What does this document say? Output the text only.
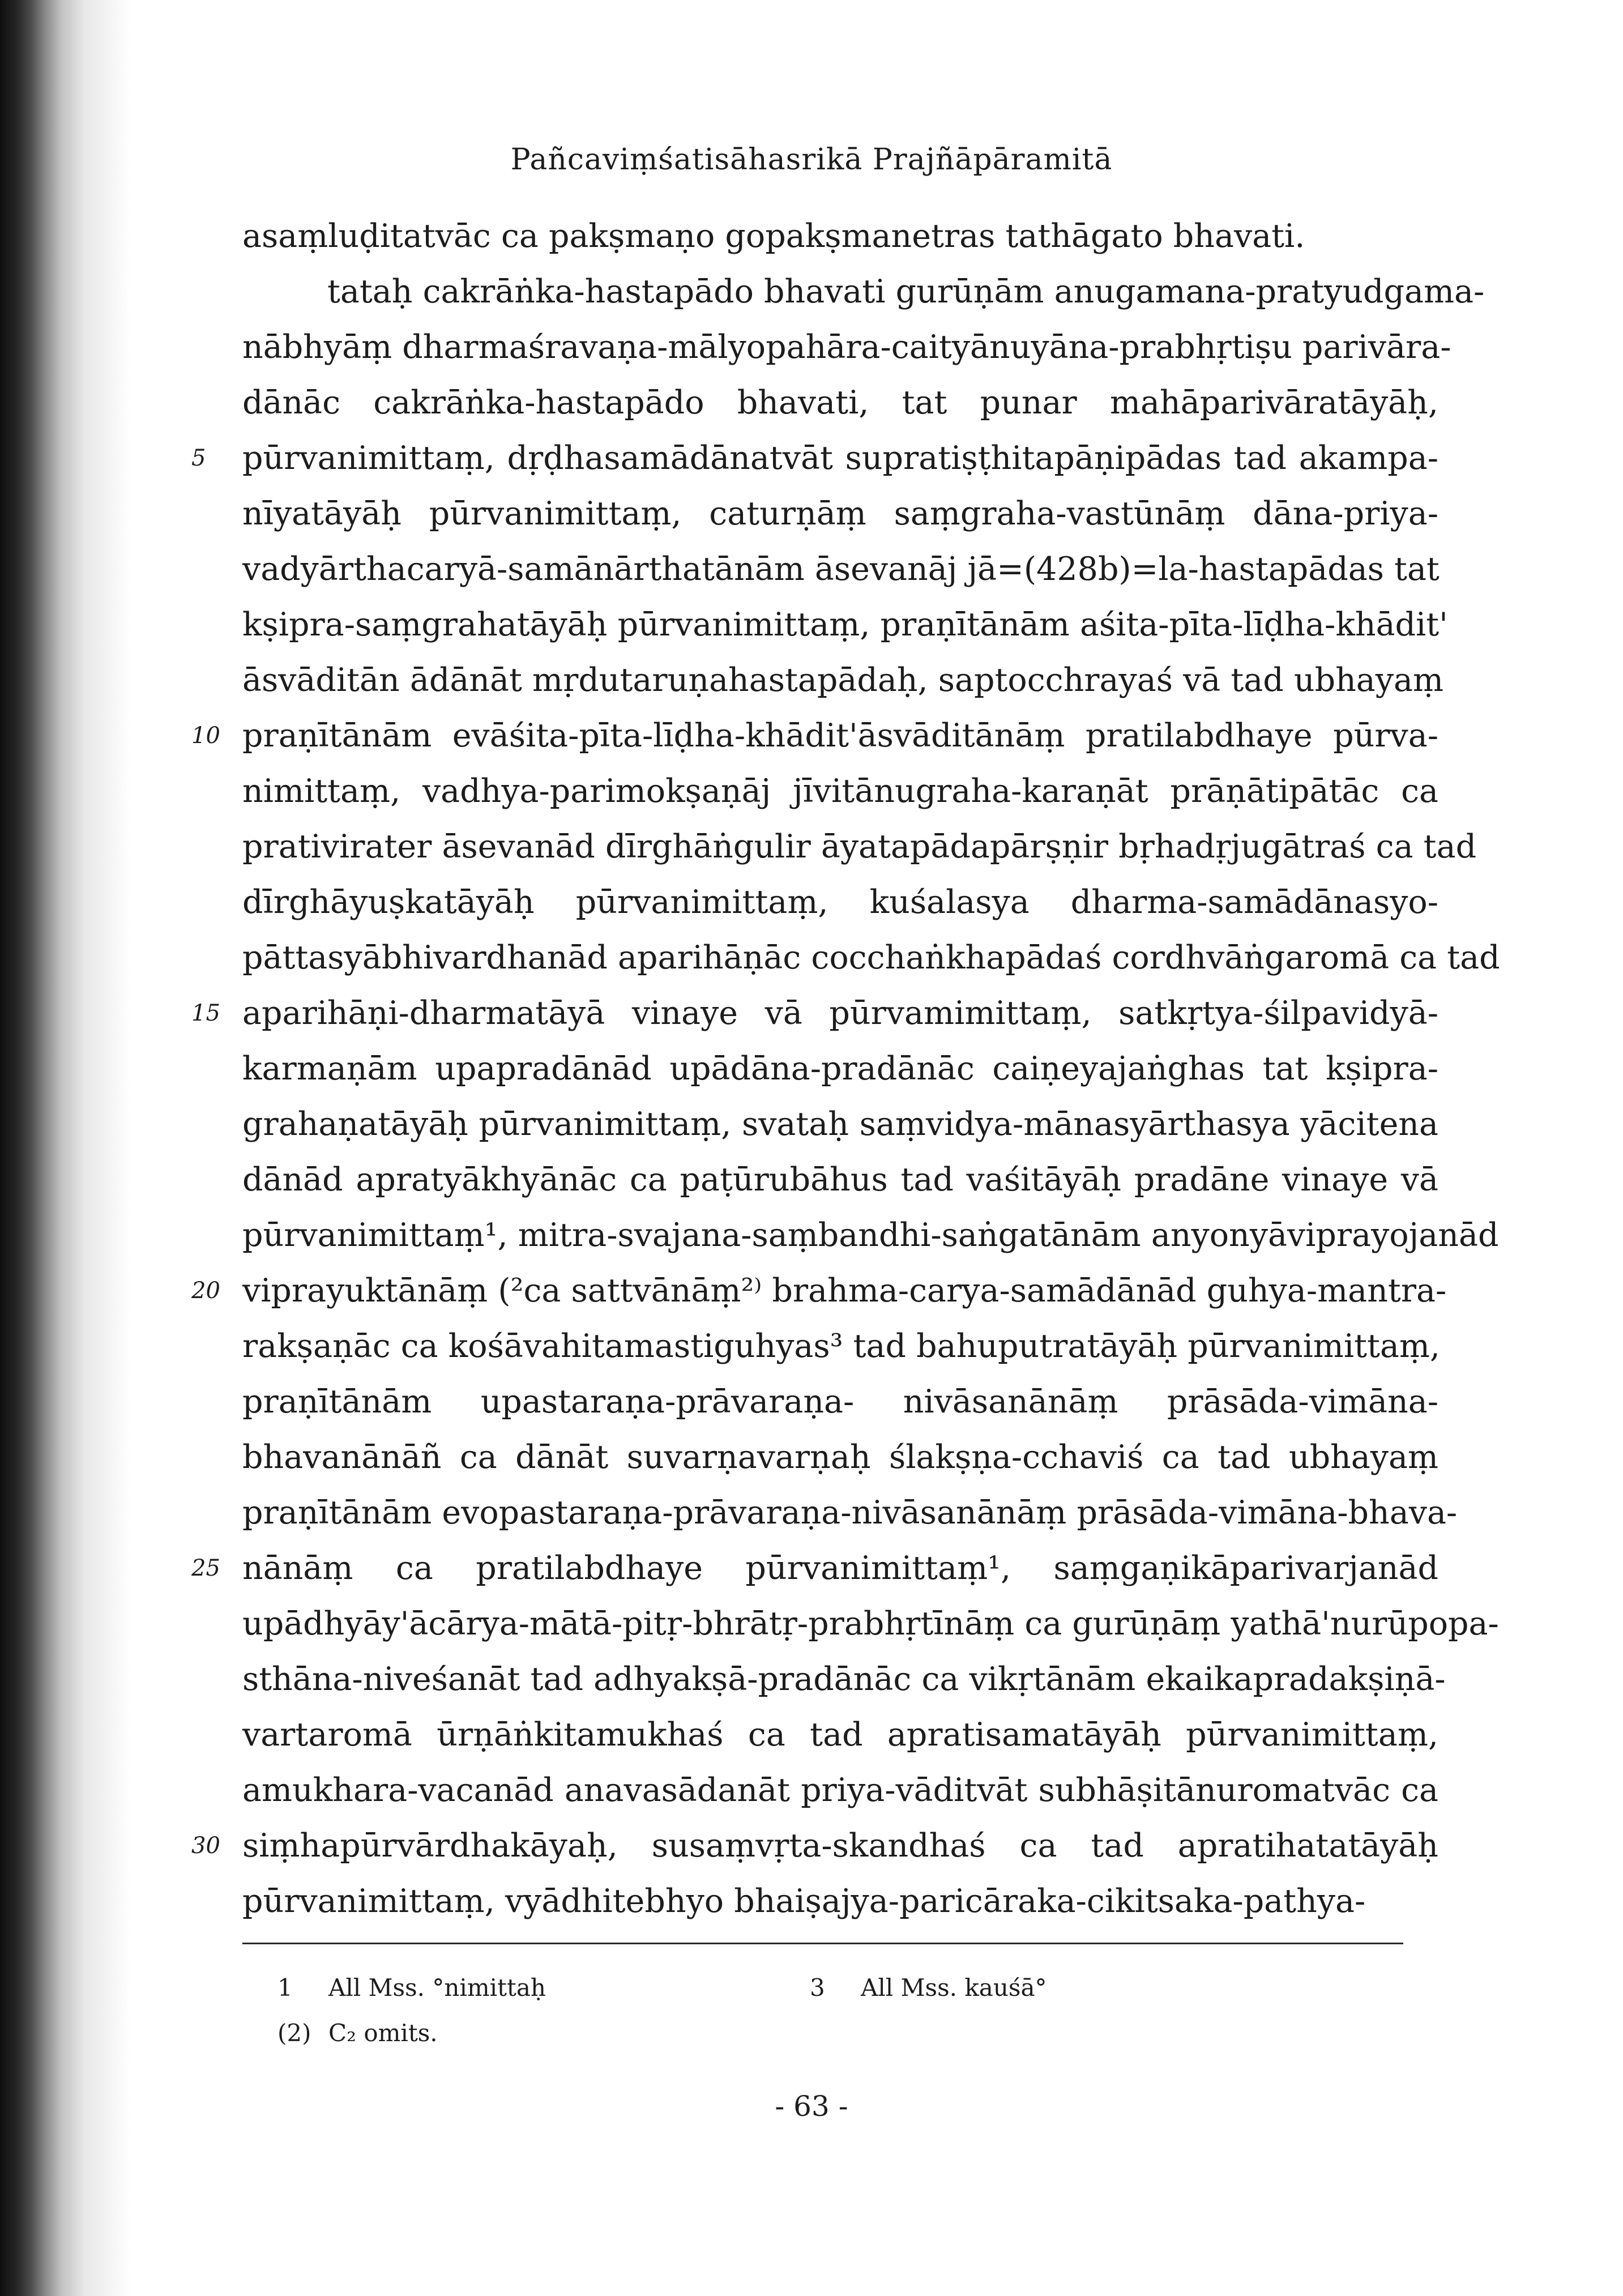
Pañcaviṃśatisāhasrikā Prajñāpāramitā
asaṃluḍitatvāc ca pakṣmaṇo gopakṣmanetras tathāgato bhavati.
tataḥ cakrāṅka-hastapādo bhavati gurūṇām anugamana-pratyudgama-
nābhyāṃ dharmaśravaṇa-mālyopahāra-caityānuyāna-prabhṛtiṣu parivāra-
dānāc cakrāṅka-hastapādo bhavati, tat punar mahāparivāratāyāḥ,
5	pūrvanimittaṃ, dṛḍhasamādānatvāt supratiṣṭhitapāṇipādas tad akampa-
nīyatāyāḥ pūrvanimittaṃ, caturṇāṃ saṃgraha-vastūnāṃ dāna-priya-
vadyārthacaryā-samānārthatānām āsevanāj jā=(428b)=la-hastapādas tat
kṣipra-saṃgrahatāyāḥ pūrvanimittaṃ, praṇītānām aśita-pīta-līḍha-khādit'
āsvāditān ādānāt mṛdutaruṇahastapādaḥ, saptocchrayaś vā tad ubhayaṃ
10 praṇītānām evāśita-pīta-līḍha-khādit'āsvāditānāṃ pratilabdhaye pūrva-
nimittaṃ, vadhya-parimokṣaṇāj jīvitānugraha-karaṇāt prāṇātipātāc ca
prativirater āsevanād dīrghāṅgulir āyatapādapārṣṇir bṛhadṛjugātraś ca tad
dīrghāyuṣkatāyāḥ pūrvanimittaṃ, kuśalasya dharma-samādānasyo-
pāttasyābhivardhanād aparihāṇāc cocchaṅkhapādaś cordhvāṅgaromā ca tad
15 aparihāṇi-dharmatāyā vinaye vā pūrvamimittaṃ, satkṛtya-śilpavidyā-
karmaṇām upapradānād upādāna-pradānāc caiṇeyajaṅghas tat kṣipra-
grahaṇatāyāḥ pūrvanimittaṃ, svataḥ saṃvidya-mānasyārthasya yācitena
dānād apratyākhyānāc ca paṭūrubāhus tad vaśitāyāḥ pradāne vinaye vā
pūrvanimittaṃ¹, mitra-svajana-saṃbandhi-saṅgatānām anyonyāviprayojanād
20 viprayuktānāṃ (²ca sattvānāṃ²⁾ brahma-carya-samādānād guhya-mantra-
rakṣaṇāc ca kośāvahitamastiguhyas³ tad bahuputratāyāḥ pūrvanimittaṃ,
praṇītānām upastaraṇa-prāvaraṇa- nivāsanānāṃ prāsāda-vimāna-
bhavanānāñ ca dānāt suvarṇavarṇaḥ ślakṣṇa-cchaviś ca tad ubhayaṃ
praṇītānām evopastaraṇa-prāvaraṇa-nivāsanānāṃ prāsāda-vimāna-bhava-
25 nānāṃ ca pratilabdhaye pūrvanimittaṃ¹, saṃgaṇikāparivarjanād
upādhyāy'ācārya-mātā-pitṛ-bhrātṛ-prabhṛtīnāṃ ca gurūṇāṃ yathā'nurūpopa-
sthāna-niveśanāt tad adhyakṣā-pradānāc ca vikṛtānām ekaikapradakṣiṇā-
vartaromā ūrṇāṅkitamukhaś ca tad apratisamatāyāḥ pūrvanimittaṃ,
amukhara-vacanād anavasādanāt priya-vāditvāt subhāṣitānuromatvāc ca
30 siṃhapūrvārdhakāyaḥ, susaṃvṛta-skandhaś ca tad apratihatatāyāḥ
pūrvanimittaṃ, vyādhitebhyo bhaiṣajya-paricāraka-cikitsaka-pathya-
1 All Mss. °nimittaḥ	3 All Mss. kauśā°
(2) C₂ omits.
- 63 -
